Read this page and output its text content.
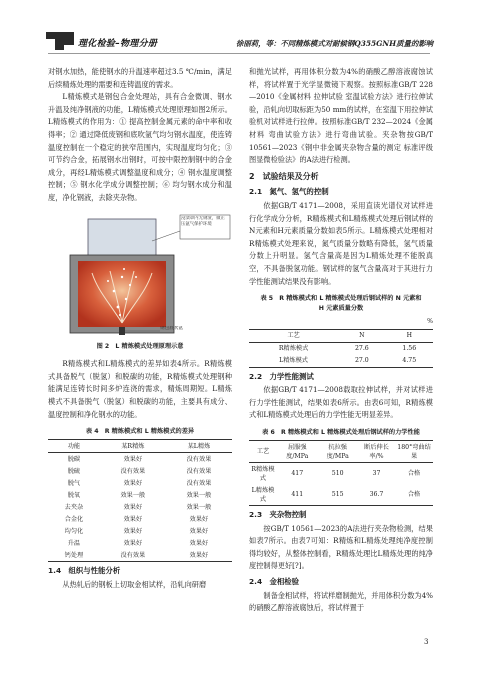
理化检验–物理分册	徐丽莉，等：不同精炼模式对耐候钢Q355GNH质量的影响

对钢水加热，能使钢水的升温速率超过3.5 ℃/min，满足后续精炼处理的需要和连铸温度的需求。

L精炼模式是钢包合金处理站，具有合金微调、钢水升温及纯净钢液的功能，L精炼模式处理原理如图2所示。L精炼模式的作用为：① 提高控制金属元素的命中率和收得率；② 通过降低废钢和底吹氩气均匀钢水温度，使连铸温度控制在一个稳定的狭窄范围内，实现温度均匀化；③ 可节约合金，拓展钢水出钢时，可按中限控制钢中的合金成分，再经L精炼模式调整温度和成分；④ 钢水温度调整控制；⑤ 钢水化学成分调整控制；⑥ 均匀钢水成分和温度，净化钢液，去除夹杂物。

浸渍罩内无钢渣，微正压氩气保护环境
钢包底吹氩
图 2　L 精炼模式处理原理示意

R精炼模式和L精炼模式的差异如表4所示。R精炼模式具备脱气（脱氢）和脱碳的功能，R精炼模式处理钢种能满足连铸长时间多炉连浇的需求，精炼周期短。L精炼模式不具备脱气（脱氢）和脱碳的功能，主要具有成分、温度控制和净化钢水的功能。

表 4　R 精炼模式和 L 精炼模式的差异
功能	某R精炼	某L精炼
脱碳	效果好	没有效果
脱硫	没有效果	没有效果
脱气	效果好	没有效果
脱氧	效果一般	效果一般
去夹杂	效果好	效果一般
合金化	效果好	效果好
均匀化	效果好	效果好
升温	效果好	效果好
钙处理	没有效果	效果好
1.4　组织与性能分析

从热轧后的钢板上切取金相试样，沿轧向研磨

和抛光试样，再用体积分数为4%的硝酸乙醇溶液腐蚀试样，将试样置于光学显微镜下观察。按照标准GB/T 228—2010《金属材料 拉伸试验 室温试验方法》进行拉伸试验，沿轧向切取标距为50 mm的试样，在室温下用拉伸试验机对试样进行拉伸。按照标准GB/T 232—2024《金属材料 弯曲试验方法》进行弯曲试验。夹杂物按GB/T 10561—2023《钢中非金属夹杂物含量的测定 标准评级图显微检验法》的A法进行检测。

2　试验结果及分析
2.1　氮气、氢气的控制

依据GB/T 4171—2008，采用直读光谱仪对试样进行化学成分分析，R精炼模式和L精炼模式处理后钢试样的N元素和H元素质量分数如表5所示。L精炼模式处理相对R精炼模式处理来说，氮气质量分数略有降低，氢气质量分数上升明显。氢气含量高是因为L精炼处理不能脱真空，不具备脱氢功能。钢试样的氢气含量高对于其进行力学性能测试结果没有影响。

表 5　R 精炼模式和 L 精炼模式处理后钢试样的 N 元素和
H 元素质量分数
%
工艺	N	H
R精炼模式	27.6	1.56
L精炼模式	27.0	4.75
2.2　力学性能测试

依据GB/T 4171—2008载取拉伸试样，并对试样进行力学性能测试，结果如表6所示。由表6可知，R精炼模式和L精炼模式处理后的力学性能无明显差异。

表 6　R 精炼模式和 L 精炼模式处理后钢试样的力学性能
工艺	屈服强度/MPa	抗拉强度/MPa	断后伸长率/%	180°弯曲结果
R精炼模式	417	510	37	合格
L精炼模式	411	515	36.7	合格
2.3　夹杂物控制

按GB/T 10561—2023的A法进行夹杂物检测，结果如表7所示。由表7可知：R精炼和L精炼处理纯净度控制得均较好，从整体控制看，R精炼处理比L精炼处理的纯净度控制得更好[?]。

2.4　金相检验

制备金相试样，将试样磨制抛光，并用体积分数为4%的硝酸乙醇溶液腐蚀后，将试样置于

3
